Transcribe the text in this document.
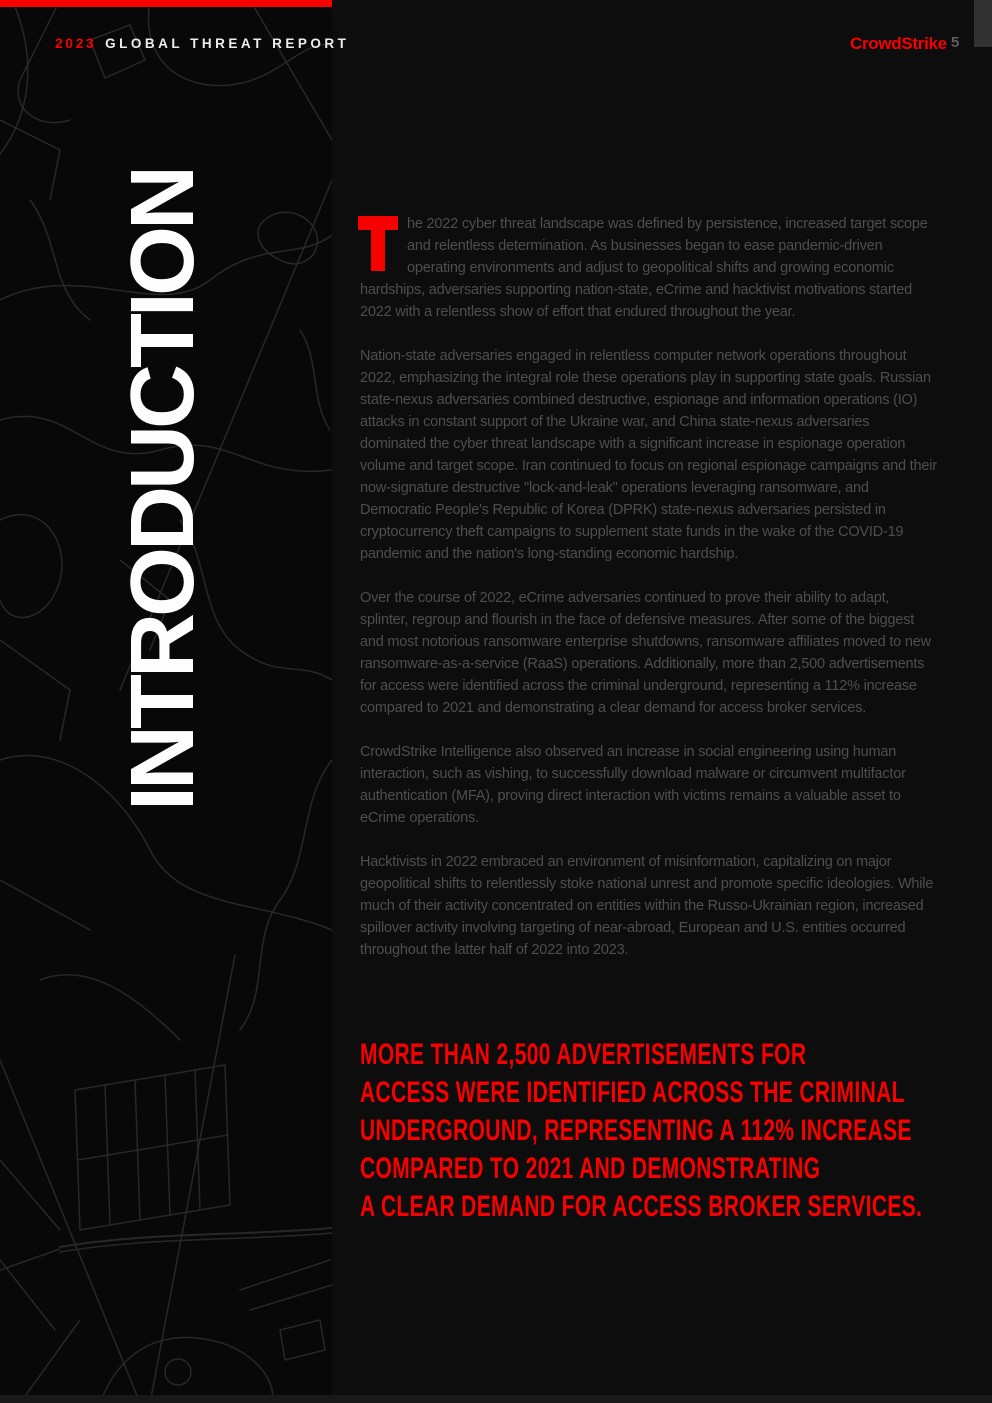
2023 GLOBAL THREAT REPORT	CrowdStrike 5
INTRODUCTION	he 2022 cyber threat landscape was defined by persistence, increased target scope and relentless determination. As businesses began to ease pandemic-driven operating environments and adjust to geopolitical shifts and growing economic hardships, adversaries supporting nation-state, eCrime and hacktivist motivations started 2022 with a relentless show of effort that endured throughout the year.

Nation-state adversaries engaged in relentless computer network operations throughout 2022, emphasizing the integral role these operations play in supporting state goals. Russian state-nexus adversaries combined destructive, espionage and information operations (IO) attacks in constant support of the Ukraine war, and China state-nexus adversaries dominated the cyber threat landscape with a significant increase in espionage operation volume and target scope. Iran continued to focus on regional espionage campaigns and their now-signature destructive "lock-and-leak" operations leveraging ransomware, and Democratic People's Republic of Korea (DPRK) state-nexus adversaries persisted in cryptocurrency theft campaigns to supplement state funds in the wake of the COVID-19 pandemic and the nation's long-standing economic hardship.

Over the course of 2022, eCrime adversaries continued to prove their ability to adapt, splinter, regroup and flourish in the face of defensive measures. After some of the biggest and most notorious ransomware enterprise shutdowns, ransomware affiliates moved to new ransomware-as-a-service (RaaS) operations. Additionally, more than 2,500 advertisements for access were identified across the criminal underground, representing a 112% increase compared to 2021 and demonstrating a clear demand for access broker services.

CrowdStrike Intelligence also observed an increase in social engineering using human interaction, such as vishing, to successfully download malware or circumvent multifactor authentication (MFA), proving direct interaction with victims remains a valuable asset to eCrime operations.

Hacktivists in 2022 embraced an environment of misinformation, capitalizing on major geopolitical shifts to relentlessly stoke national unrest and promote specific ideologies. While much of their activity concentrated on entities within the Russo-Ukrainian region, increased spillover activity involving targeting of near-abroad, European and U.S. entities occurred throughout the latter half of 2022 into 2023.

MORE THAN 2,500 ADVERTISEMENTS FOR
ACCESS WERE IDENTIFIED ACROSS THE CRIMINAL
UNDERGROUND, REPRESENTING A 112% INCREASE
COMPARED TO 2021 AND DEMONSTRATING
A CLEAR DEMAND FOR ACCESS BROKER SERVICES.
